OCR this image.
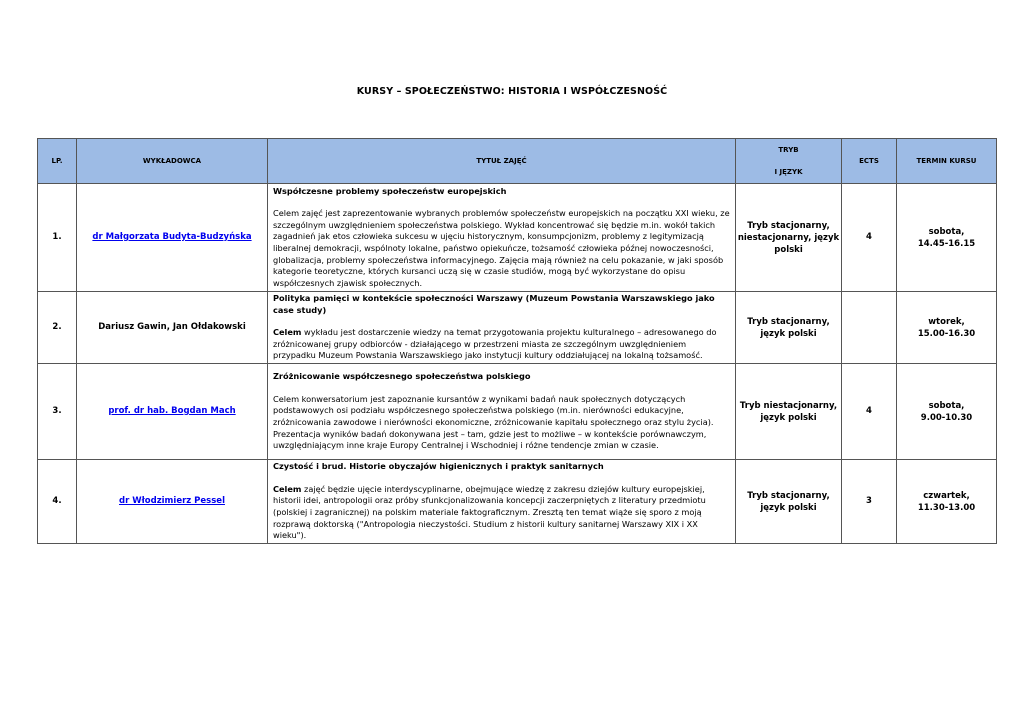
KURSY – SPOŁECZEŃSTWO: HISTORIA I WSPÓŁCZESNOŚĆ
LP.	WYKŁADOWCA	TYTUŁ ZAJĘĆ	TRYB
I JĘZYK	ECTS	TERMIN KURSU
1.	dr Małgorzata Budyta-Budzyńska	Współczesne problemy społeczeństw europejskich
Celem zajęć jest zaprezentowanie wybranych problemów społeczeństw europejskich na początku XXI wieku, ze szczególnym uwzględnieniem społeczeństwa polskiego. Wykład koncentrować się będzie m.in. wokół takich zagadnień jak etos człowieka sukcesu w ujęciu historycznym, konsumpcjonizm, problemy z legitymizacją liberalnej demokracji, wspólnoty lokalne, państwo opiekuńcze, tożsamość człowieka późnej nowoczesności, globalizacja, problemy społeczeństwa informacyjnego. Zajęcia mają również na celu pokazanie, w jaki sposób kategorie teoretyczne, których kursanci uczą się w czasie studiów, mogą być wykorzystane do opisu współczesnych zjawisk społecznych.	Tryb stacjonarny, niestacjonarny, język polski	4	sobota,
14.45-16.15
2.	Dariusz Gawin, Jan Ołdakowski	Polityka pamięci w kontekście społeczności Warszawy (Muzeum Powstania Warszawskiego jako case study)
Celem wykładu jest dostarczenie wiedzy na temat przygotowania projektu kulturalnego – adresowanego do zróżnicowanej grupy odbiorców - działającego w przestrzeni miasta ze szczególnym uwzględnieniem przypadku Muzeum Powstania Warszawskiego jako instytucji kultury oddziałującej na lokalną tożsamość.	Tryb stacjonarny, język polski		wtorek,
15.00-16.30
3.	prof. dr hab. Bogdan Mach	Zróżnicowanie współczesnego społeczeństwa polskiego
Celem konwersatorium jest zapoznanie kursantów z wynikami badań nauk społecznych dotyczących podstawowych osi podziału współczesnego społeczeństwa polskiego (m.in. nierówności edukacyjne, zróżnicowania zawodowe i nierówności ekonomiczne, zróżnicowanie kapitału społecznego oraz stylu życia). Prezentacja wyników badań dokonywana jest – tam, gdzie jest to możliwe – w kontekście porównawczym, uwzględniającym inne kraje Europy Centralnej i Wschodniej i różne tendencje zmian w czasie.	Tryb niestacjonarny, język polski	4	sobota,
9.00-10.30
4.	dr Włodzimierz Pessel	Czystość i brud. Historie obyczajów higienicznych i praktyk sanitarnych
Celem zajęć będzie ujęcie interdyscyplinarne, obejmujące wiedzę z zakresu dziejów kultury europejskiej, historii idei, antropologii oraz próby sfunkcjonalizowania koncepcji zaczerpniętych z literatury przedmiotu (polskiej i zagranicznej) na polskim materiale faktograficznym. Zresztą ten temat wiąże się sporo z moją rozprawą doktorską ("Antropologia nieczystości. Studium z historii kultury sanitarnej Warszawy XIX i XX wieku").	Tryb stacjonarny, język polski	3	czwartek,
11.30-13.00
